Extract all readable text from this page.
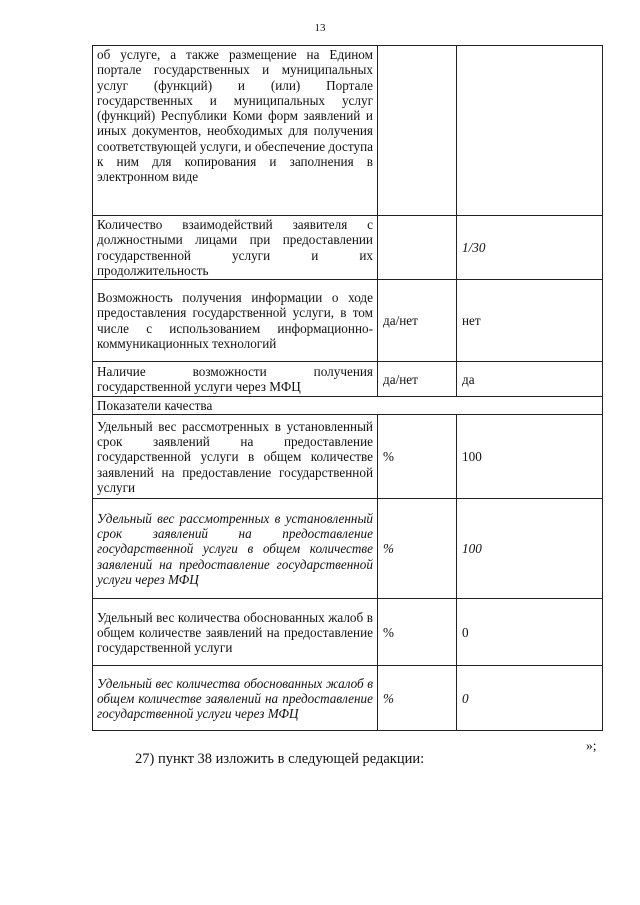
13
об услуге, а также размещение на Едином портале государственных и муниципальных услуг (функций) и (или) Портале государственных и муниципальных услуг (функций) Республики Коми форм заявлений и иных документов, необходимых для получения соответствующей услуги, и обеспечение доступа к ним для копирования и заполнения в электронном виде		
Количество взаимодействий заявителя с должностными лицами при предоставлении государственной услуги и их продолжительность		1/30
Возможность получения информации о ходе предоставления государственной услуги, в том числе с использованием информационно-коммуникационных технологий	да/нет	нет
Наличие возможности получения государственной услуги через МФЦ	да/нет	да
Показатели качества		
Удельный вес рассмотренных в установленный срок заявлений на предоставление государственной услуги в общем количестве заявлений на предоставление государственной услуги	%	100
Удельный вес рассмотренных в установленный срок заявлений на предоставление государственной услуги в общем количестве заявлений на предоставление государственной услуги через МФЦ	%	100
Удельный вес количества обоснованных жалоб в общем количестве заявлений на предоставление государственной услуги	%	0
Удельный вес количества обоснованных жалоб в общем количестве заявлений на предоставление государственной услуги через МФЦ	%	0
»;
27) пункт 38 изложить в следующей редакции:
